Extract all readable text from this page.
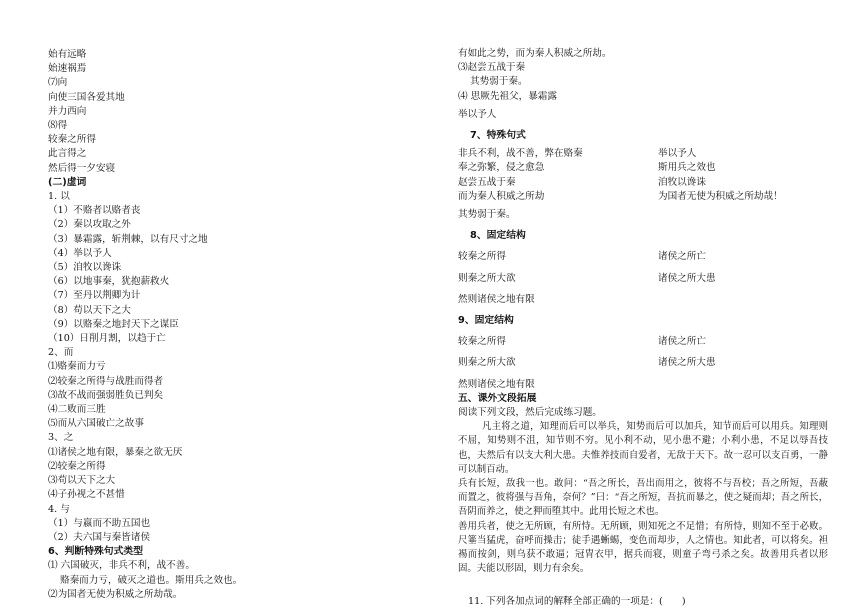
始有远略
始速祸焉
⑺向
向使三国各爱其地
并力西向
⑻得
较秦之所得
此言得之
然后得一夕安寝
(二)虚词
1. 以
（1）不赂者以赂者丧
（2）秦以攻取之外
（3）暴霜露，斩荆棘，以有尺寸之地
（4）举以予人
（5）洎牧以谗诛
（6）以地事秦，犹抱薪救火
（7）至丹以荆卿为计
（8）苟以天下之大
（9）以赂秦之地封天下之谋臣
（10）日削月割，以趋于亡
2、而
⑴赂秦而力亏
⑵较秦之所得与战胜而得者
⑶故不战而强弱胜负已判矣
⑷二败而三胜
⑸而从六国破亡之故事
3、之
⑴诸侯之地有限，暴秦之欲无厌
⑵较秦之所得
⑶苟以天下之大
⑷子孙视之不甚惜
4. 与
（1）与嬴而不助五国也
（2）夫六国与秦皆诸侯
6、判断特殊句式类型
⑴ 六国破灭，非兵不利，战不善。
赂秦而力亏，破灭之道也。斯用兵之效也。
⑵为国者无使为积威之所劫哉。
有如此之势，而为秦人积威之所劫。
⑶赵尝五战于秦
其势弱于秦。
⑷ 思厥先祖父，暴霜露
举以予人
7、特殊句式
非兵不利，战不善，弊在赂秦	举以予人
奉之弥繁，侵之愈急	斯用兵之效也
赵尝五战于秦	洎牧以谗诛
而为秦人积威之所劫	为国者无使为积威之所劫哉！
其势弱于秦。
8、固定结构
较秦之所得	诸侯之所亡
则秦之所大欲	诸侯之所大患
然则诸侯之地有限
9、固定结构
较秦之所得	诸侯之所亡
则秦之所大欲	诸侯之所大患
然则诸侯之地有限
五、课外文段拓展
阅读下列文段，然后完成练习题。
凡主将之道，知理而后可以举兵，知势而后可以加兵，知节而后可以用兵。知理则不屈，知势则不沮，知节则不穷。见小利不动，见小患不避；小利小患，不足以辱吾技也，夫然后有以支大利大患。夫惟养技而自爱者，无敌于天下。故一忍可以支百勇，一静可以制百动。
兵有长短，敌我一也。敢问：“吾之所长，吾出而用之，彼将不与吾校；吾之所短，吾蔽而置之，彼将强与吾角，奈何？”曰：“吾之所短，吾抗而暴之，使之疑而却；吾之所长，吾阴而养之，使之狎而堕其中。此用长短之术也。
善用兵者，使之无所顾，有所恃。无所顾，则知死之不足惜；有所恃，则知不至于必败。尺箠当猛虎，奋呼而操击；徒手遇蜥蜴，变色而却步，人之情也。知此者，可以将矣。袒裼而按剑，则乌获不敢逼；冠胄衣甲，据兵而寝，则童子弯弓杀之矣。故善用兵者以形固。夫能以形固，则力有余矣。
11. 下列各加点词的解释全部正确的一项是：(　　)
